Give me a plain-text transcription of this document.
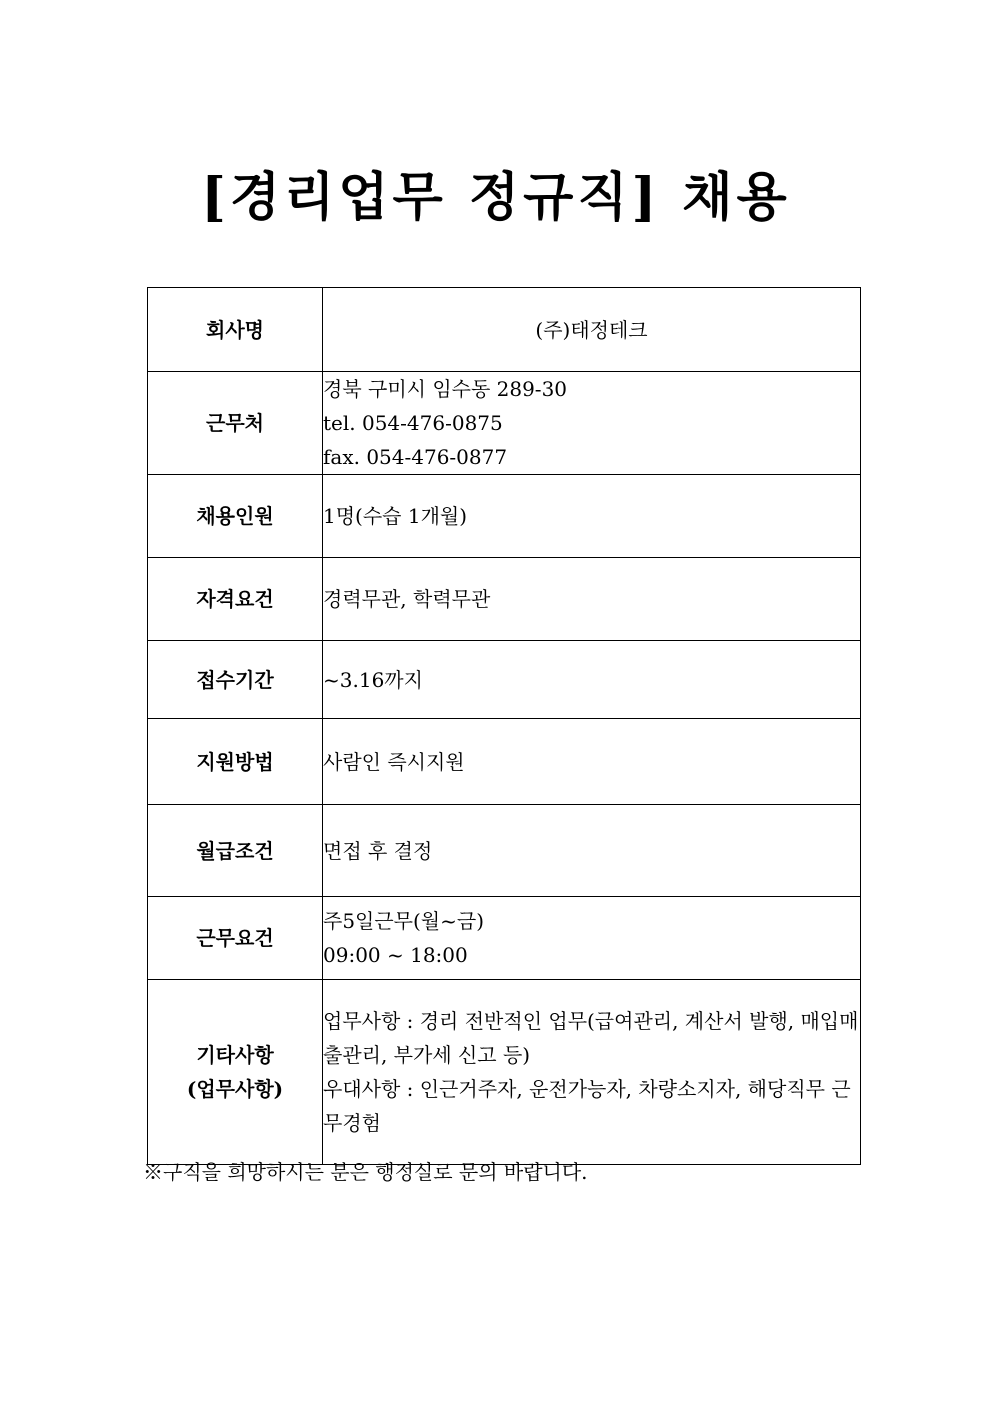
[경리업무 정규직] 채용
회사명	(주)태정테크

근무처	경북 구미시 임수동 289-30
tel. 054-476-0875
fax. 054-476-0877

채용인원	1명(수습 1개월)

자격요건	경력무관, 학력무관

접수기간	~3.16까지

지원방법	사람인 즉시지원

월급조건	면접 후 결정

근무요건	주5일근무(월~금)
09:00 ~ 18:00

기타사항
(업무사항)	업무사항 : 경리 전반적인 업무(급여관리, 계산서 발행, 매입매출관리, 부가세 신고 등)
우대사항 : 인근거주자, 운전가능자, 차량소지자, 해당직무 근무경험
※구직을 희망하시는 분은 행정실로 문의 바랍니다.
